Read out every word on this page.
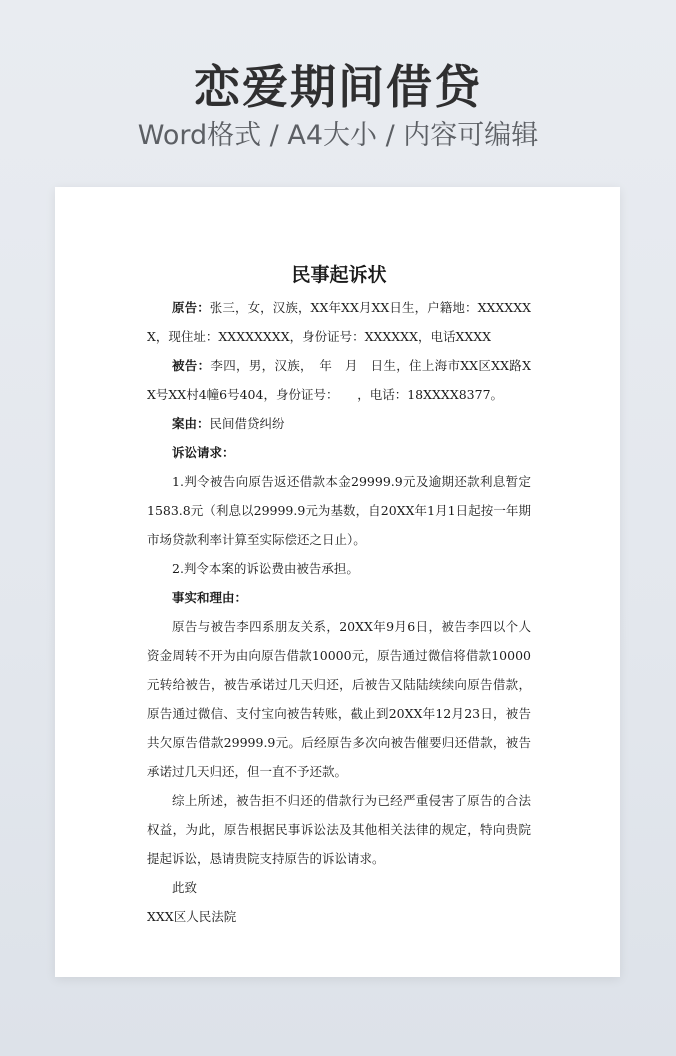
恋爱期间借贷
Word格式 / A4大小 / 内容可编辑
民事起诉状

原告：张三，女，汉族，XX年XX月XX日生，户籍地：XXXXXXX，现住址：XXXXXXXX，身份证号：XXXXXX，电话XXXX

被告：李四，男，汉族，　年　月　日生，住上海市XX区XX路XX号XX村4幢6号404，身份证号：　　，电话：18XXXX8377。

案由：民间借贷纠纷

诉讼请求：

1.判令被告向原告返还借款本金29999.9元及逾期还款利息暂定1583.8元（利息以29999.9元为基数，自20XX年1月1日起按一年期市场贷款利率计算至实际偿还之日止）。

2.判令本案的诉讼费由被告承担。

事实和理由：

原告与被告李四系朋友关系，20XX年9月6日，被告李四以个人资金周转不开为由向原告借款10000元，原告通过微信将借款10000元转给被告，被告承诺过几天归还，后被告又陆陆续续向原告借款，原告通过微信、支付宝向被告转账，截止到20XX年12月23日，被告共欠原告借款29999.9元。后经原告多次向被告催要归还借款，被告承诺过几天归还，但一直不予还款。

综上所述，被告拒不归还的借款行为已经严重侵害了原告的合法权益，为此，原告根据民事诉讼法及其他相关法律的规定，特向贵院提起诉讼，恳请贵院支持原告的诉讼请求。

此致

XXX区人民法院
